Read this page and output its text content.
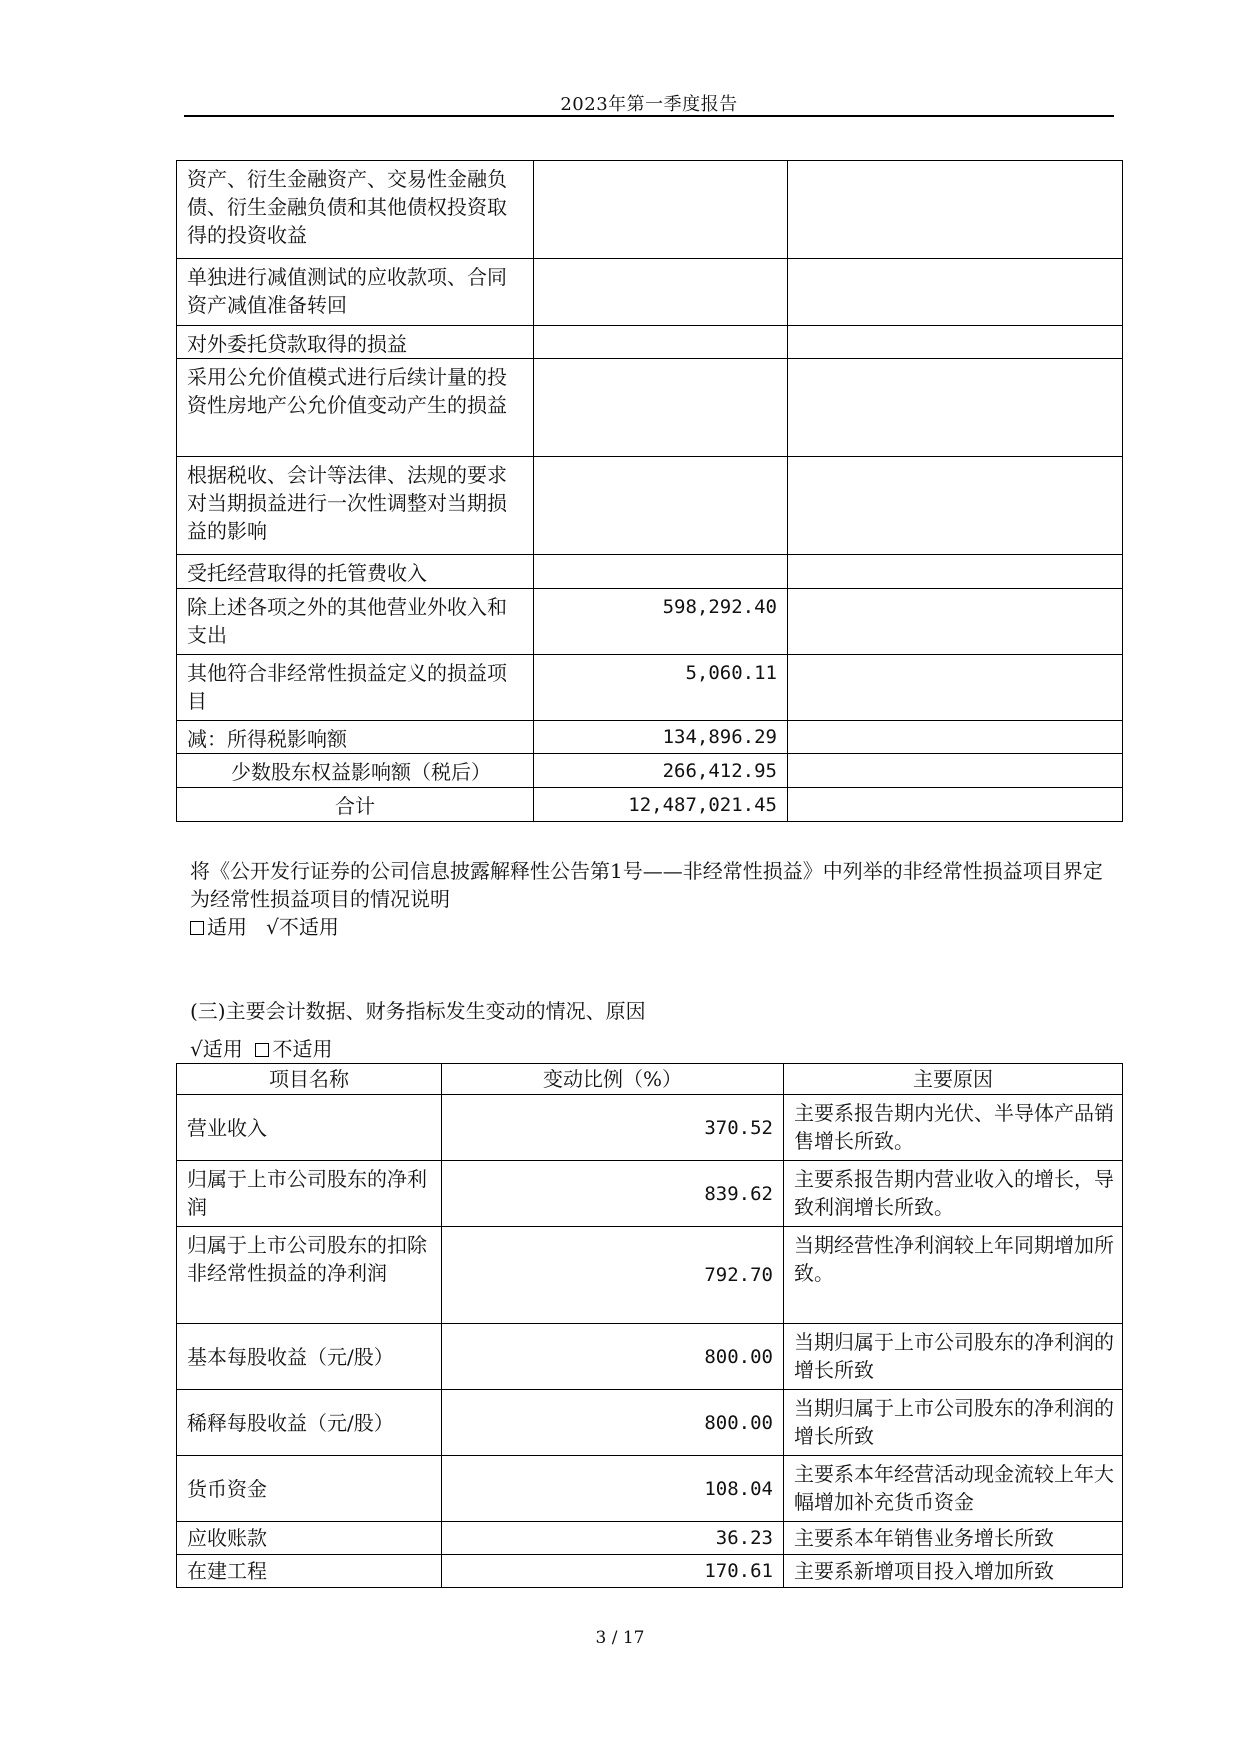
2023年第一季度报告
资产、衍生金融资产、交易性金融负债、衍生金融负债和其他债权投资取得的投资收益		
单独进行减值测试的应收款项、合同资产减值准备转回		
对外委托贷款取得的损益		
采用公允价值模式进行后续计量的投资性房地产公允价值变动产生的损益		
根据税收、会计等法律、法规的要求对当期损益进行一次性调整对当期损益的影响		
受托经营取得的托管费收入		
除上述各项之外的其他营业外收入和支出	598,292.40	
其他符合非经常性损益定义的损益项目	5,060.11	
减：所得税影响额	134,896.29	
少数股东权益影响额（税后）	266,412.95	
合计	12,487,021.45	
将《公开发行证券的公司信息披露解释性公告第1号——非经常性损益》中列举的非经常性损益项目界定为经常性损益项目的情况说明
适用 √不适用
(三)主要会计数据、财务指标发生变动的情况、原因
√适用 不适用
项目名称	变动比例（%）	主要原因
营业收入	370.52	主要系报告期内光伏、半导体产品销售增长所致。
归属于上市公司股东的净利润	839.62	主要系报告期内营业收入的增长，导致利润增长所致。
归属于上市公司股东的扣除非经常性损益的净利润	792.70	当期经营性净利润较上年同期增加所致。
基本每股收益（元/股）	800.00	当期归属于上市公司股东的净利润的增长所致
稀释每股收益（元/股）	800.00	当期归属于上市公司股东的净利润的增长所致
货币资金	108.04	主要系本年经营活动现金流较上年大幅增加补充货币资金
应收账款	36.23	主要系本年销售业务增长所致
在建工程	170.61	主要系新增项目投入增加所致
3 / 17
